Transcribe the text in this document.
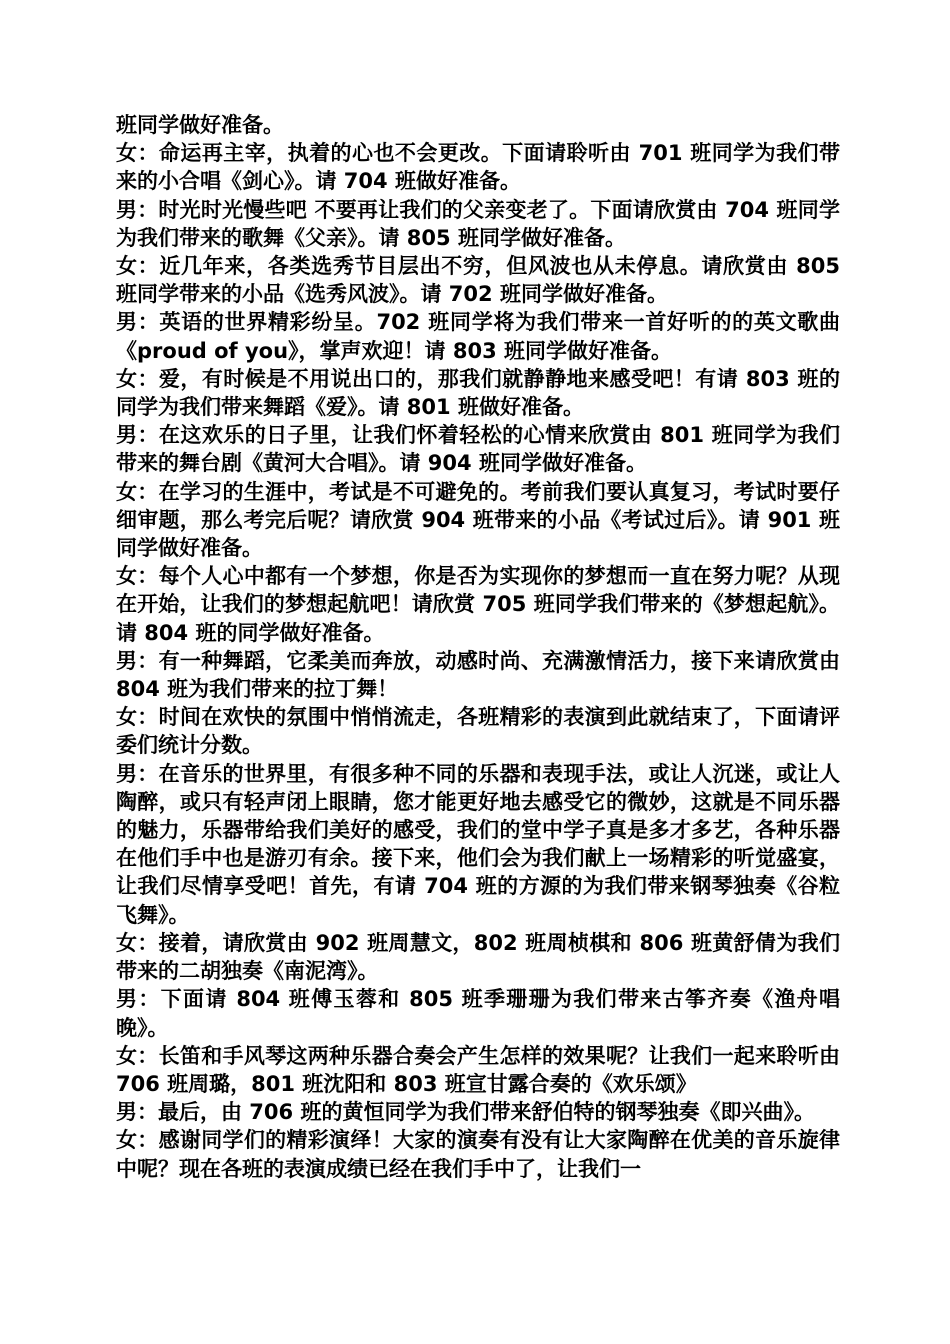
班同学做好准备。

女：命运再主宰，执着的心也不会更改。下面请聆听由 701 班同学为我们带来的小合唱《剑心》。请 704 班做好准备。

男：时光时光慢些吧 不要再让我们的父亲变老了。下面请欣赏由 704 班同学为我们带来的歌舞《父亲》。请 805 班同学做好准备。

女：近几年来，各类选秀节目层出不穷，但风波也从未停息。请欣赏由 805 班同学带来的小品《选秀风波》。请 702 班同学做好准备。

男：英语的世界精彩纷呈。702 班同学将为我们带来一首好听的的英文歌曲《proud of you》，掌声欢迎！请 803 班同学做好准备。

女：爱，有时候是不用说出口的，那我们就静静地来感受吧！有请 803 班的同学为我们带来舞蹈《爱》。请 801 班做好准备。

男：在这欢乐的日子里，让我们怀着轻松的心情来欣赏由 801 班同学为我们带来的舞台剧《黄河大合唱》。请 904 班同学做好准备。

女：在学习的生涯中，考试是不可避免的。考前我们要认真复习，考试时要仔细审题，那么考完后呢？请欣赏 904 班带来的小品《考试过后》。请 901 班同学做好准备。

女：每个人心中都有一个梦想，你是否为实现你的梦想而一直在努力呢？从现在开始，让我们的梦想起航吧！请欣赏 705 班同学我们带来的《梦想起航》。请 804 班的同学做好准备。

男：有一种舞蹈，它柔美而奔放，动感时尚、充满激情活力，接下来请欣赏由 804 班为我们带来的拉丁舞！

女：时间在欢快的氛围中悄悄流走，各班精彩的表演到此就结束了，下面请评委们统计分数。

男：在音乐的世界里，有很多种不同的乐器和表现手法，或让人沉迷，或让人陶醉，或只有轻声闭上眼睛，您才能更好地去感受它的微妙，这就是不同乐器的魅力，乐器带给我们美好的感受，我们的堂中学子真是多才多艺，各种乐器在他们手中也是游刃有余。接下来，他们会为我们献上一场精彩的听觉盛宴，让我们尽情享受吧！首先，有请 704 班的方源的为我们带来钢琴独奏《谷粒飞舞》。

女：接着，请欣赏由 902 班周慧文，802 班周桢棋和 806 班黄舒倩为我们带来的二胡独奏《南泥湾》。

男：下面请 804 班傅玉蓉和 805 班季珊珊为我们带来古筝齐奏《渔舟唱晚》。

女：长笛和手风琴这两种乐器合奏会产生怎样的效果呢？让我们一起来聆听由 706 班周璐，801 班沈阳和 803 班宣甘露合奏的《欢乐颂》

男：最后，由 706 班的黄恒同学为我们带来舒伯特的钢琴独奏《即兴曲》。

女：感谢同学们的精彩演绎！大家的演奏有没有让大家陶醉在优美的音乐旋律中呢？现在各班的表演成绩已经在我们手中了，让我们一
